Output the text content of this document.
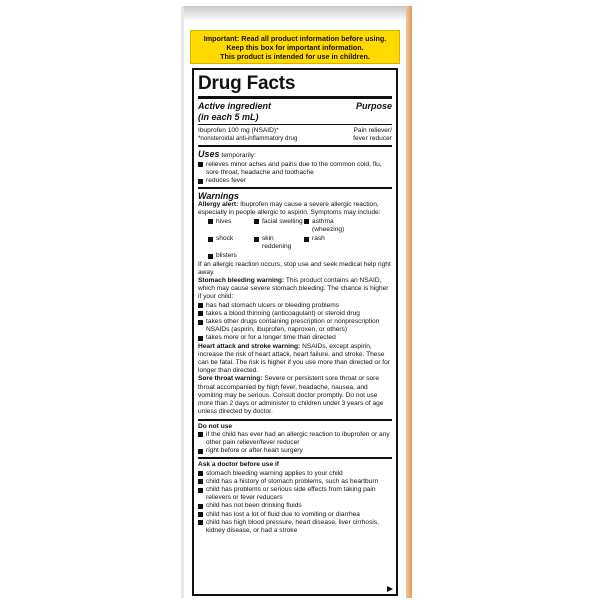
Important: Read all product information before using.
Keep this box for important information.
This product is intended for use in children.
Drug Facts
Active ingredient
(in each 5 mL)
Purpose
Ibuprofen 100 mg (NSAID)*	Pain reliever/
*nonsteroidal anti-inflammatory drug	fever reducer
Uses temporarily:
relieves minor aches and pains due to the common cold, flu, sore throat, headache and toothache
reduces fever
Warnings
Allergy alert: Ibuprofen may cause a severe allergic reaction, especially in people allergic to aspirin. Symptoms may include:
hives	facial swelling asthma (wheezing)
shock	skin reddening
rash
blisters
If an allergic reaction occurs, stop use and seek medical help right away.
Stomach bleeding warning: This product contains an NSAID, which may cause severe stomach bleeding. The chance is higher if your child:
has had stomach ulcers or bleeding problems
takes a blood thinning (anticoagulant) or steroid drug
takes other drugs containing prescription or nonprescription NSAIDs (aspirin, ibuprofen, naproxen, or others)
takes more or for a longer time than directed
Heart attack and stroke warning: NSAIDs, except aspirin, increase the risk of heart attack, heart failure, and stroke. These can be fatal. The risk is higher if you use more than directed or for longer than directed.
Sore throat warning: Severe or persistent sore throat or sore throat accompanied by high fever, headache, nausea, and vomiting may be serious. Consult doctor promptly. Do not use more than 2 days or administer to children under 3 years of age unless directed by doctor.
Do not use
if the child has ever had an allergic reaction to ibuprofen or any other pain reliever/fever reducer
right before or after heart surgery
Ask a doctor before use if
stomach bleeding warning applies to your child
child has a history of stomach problems, such as heartburn
child has problems or serious side effects from taking pain relievers or fever reducers
child has not been drinking fluids
child has lost a lot of fluid due to vomiting or diarrhea
child has high blood pressure, heart disease, liver cirrhosis, kidney disease, or had a stroke
